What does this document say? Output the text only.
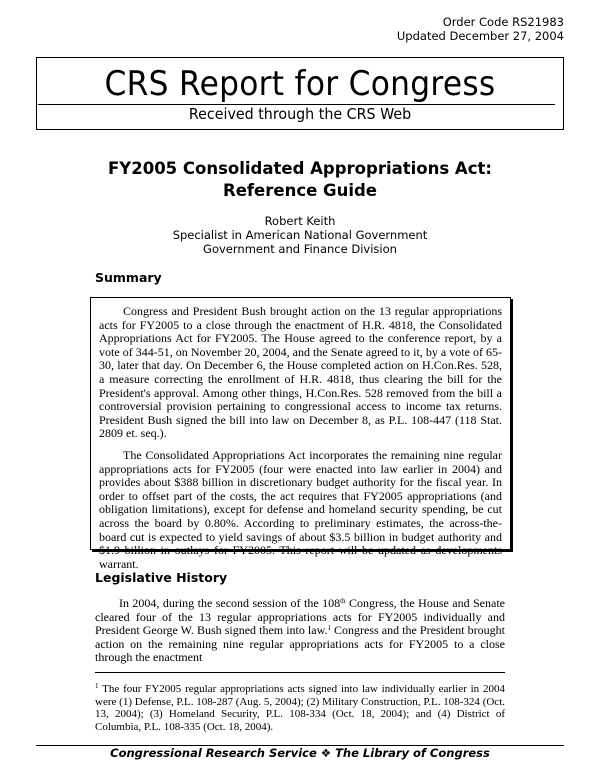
Order Code RS21983
Updated December 27, 2004
CRS Report for Congress
Received through the CRS Web
FY2005 Consolidated Appropriations Act:
Reference Guide
Robert Keith
Specialist in American National Government
Government and Finance Division
Summary

Congress and President Bush brought action on the 13 regular appropriations acts for FY2005 to a close through the enactment of H.R. 4818, the Consolidated Appropriations Act for FY2005. The House agreed to the conference report, by a vote of 344-51, on November 20, 2004, and the Senate agreed to it, by a vote of 65-30, later that day. On December 6, the House completed action on H.Con.Res. 528, a measure correcting the enrollment of H.R. 4818, thus clearing the bill for the President's approval. Among other things, H.Con.Res. 528 removed from the bill a controversial provision pertaining to congressional access to income tax returns. President Bush signed the bill into law on December 8, as P.L. 108-447 (118 Stat. 2809 et. seq.).

The Consolidated Appropriations Act incorporates the remaining nine regular appropriations acts for FY2005 (four were enacted into law earlier in 2004) and provides about $388 billion in discretionary budget authority for the fiscal year. In order to offset part of the costs, the act requires that FY2005 appropriations (and obligation limitations), except for defense and homeland security spending, be cut across the board by 0.80%. According to preliminary estimates, the across-the-board cut is expected to yield savings of about $3.5 billion in budget authority and $1.9 billion in outlays for FY2005. This report will be updated as developments warrant.

Legislative History

In 2004, during the second session of the 108th Congress, the House and Senate cleared four of the 13 regular appropriations acts for FY2005 individually and President George W. Bush signed them into law.$^1$ Congress and the President brought action on the remaining nine regular appropriations acts for FY2005 to a close through the enactment

$^1$ The four FY2005 regular appropriations acts signed into law individually earlier in 2004 were (1) Defense, P.L. 108-287 (Aug. 5, 2004); (2) Military Construction, P.L. 108-324 (Oct. 13, 2004); (3) Homeland Security, P.L. 108-334 (Oct. 18, 2004); and (4) District of Columbia, P.L. 108-335 (Oct. 18, 2004).
Congressional Research Service ❖ The Library of Congress
